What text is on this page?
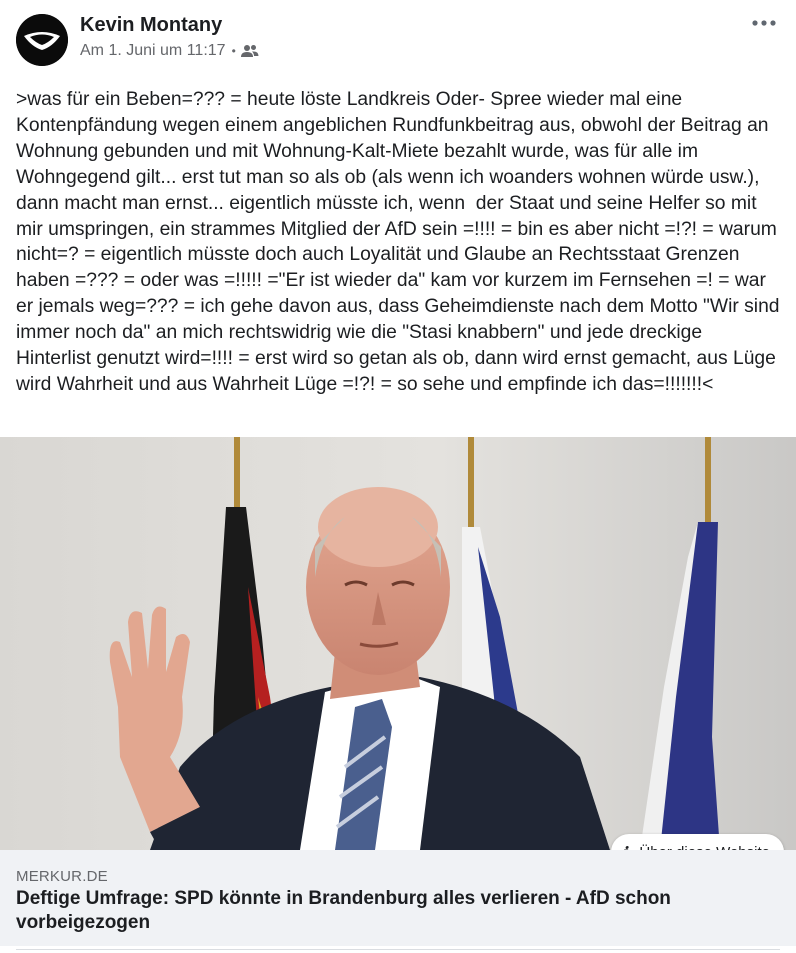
Kevin Montany
Am 1. Juni um 11:17 •
>was für ein Beben=??? = heute löste Landkreis Oder- Spree wieder mal eine Kontenpfändung wegen einem angeblichen Rundfunkbeitrag aus, obwohl der Beitrag an Wohnung gebunden und mit Wohnung-Kalt-Miete bezahlt wurde, was für alle im Wohngegend gilt... erst tut man so als ob (als wenn ich woanders wohnen würde usw.), dann macht man ernst... eigentlich müsste ich, wenn  der Staat und seine Helfer so mit mir umspringen, ein strammes Mitglied der AfD sein =!!!! = bin es aber nicht =!?! = warum nicht=? = eigentlich müsste doch auch Loyalität und Glaube an Rechtsstaat Grenzen haben =??? = oder was =!!!!! ="Er ist wieder da" kam vor kurzem im Fernsehen =! = war er jemals weg=??? = ich gehe davon aus, dass Geheimdienste nach dem Motto "Wir sind immer noch da" an mich rechtswidrig wie die "Stasi knabbern" und jede dreckige Hinterlist genutzt wird=!!!! = erst wird so getan als ob, dann wird ernst gemacht, aus Lüge wird Wahrheit und aus Wahrheit Lüge =!?! = so sehe und empfinde ich das=!!!!!!!<
MERKUR.DE
Deftige Umfrage: SPD könnte in Brandenburg alles verlieren - AfD schon vorbeigezogen
